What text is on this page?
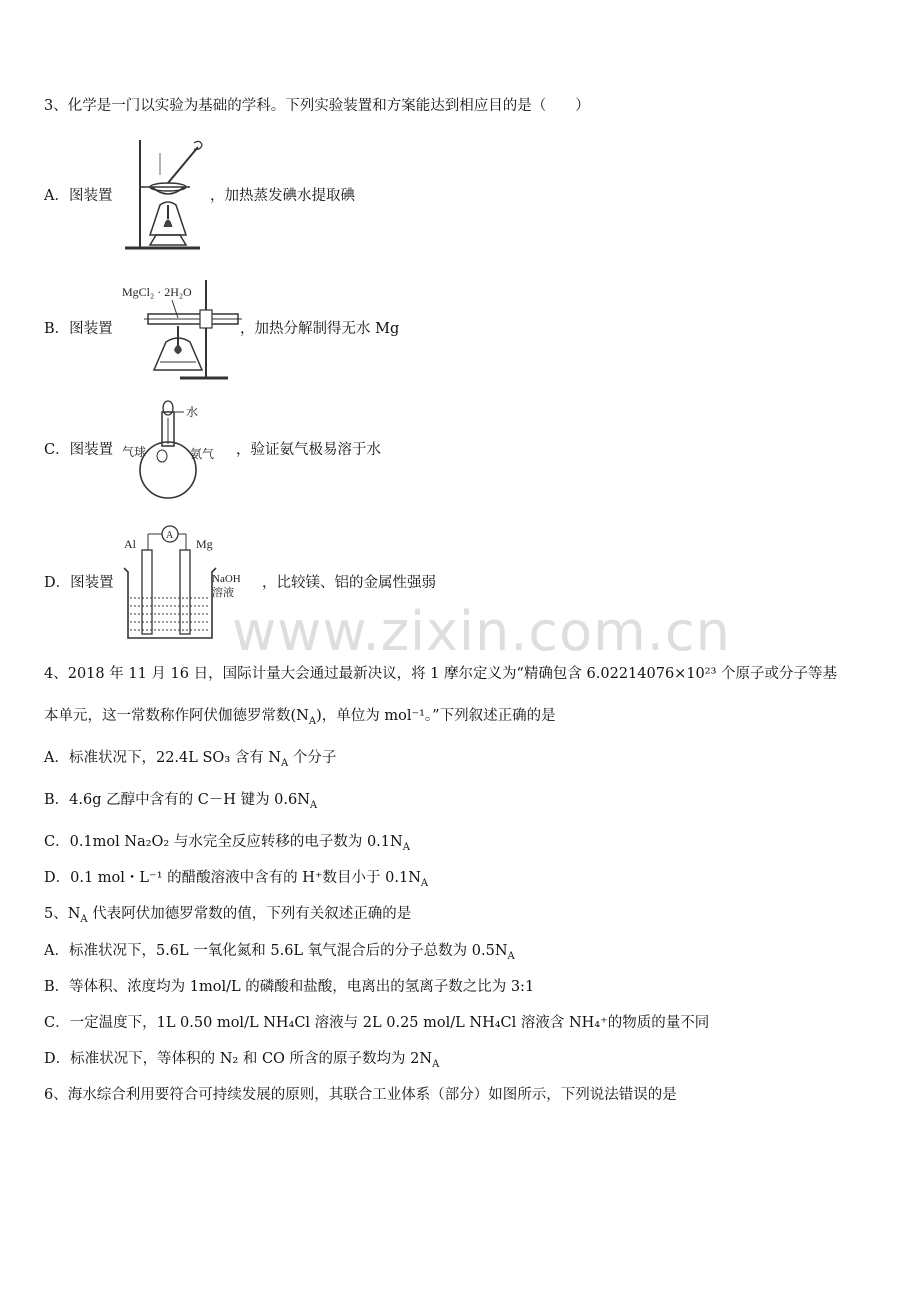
3、化学是一门以实验为基础的学科。下列实验装置和方案能达到相应目的是（　　）
A．图装置	，加热蒸发碘水提取碘
B．图装置
MgCl₂ · 2H₂O
，加热分解制得无水 Mg
C．图装置
水
气球	氨气 ，验证氨气极易溶于水
D．图装置
A
Al	Mg
NaOH
溶液
，比较镁、铝的金属性强弱
www.zixin.com.cn
4、2018 年 11 月 16 日，国际计量大会通过最新决议，将 1 摩尔定义为“精确包含 6.02214076×10²³ 个原子或分子等基
本单元，这一常数称作阿伏伽德罗常数$(N_A)$，单位为 mol⁻¹。”下列叙述正确的是
A．标准状况下，22.4L SO₃ 含有 $N_A$ 个分子
B．4.6g 乙醇中含有的 C－H 键为 $0.6N_A$
C．0.1mol Na₂O₂ 与水完全反应转移的电子数为 $0.1N_A$
D．0.1 mol・L⁻¹ 的醋酸溶液中含有的 H⁺数目小于 $0.1N_A$
5、$N_A$ 代表阿伏加德罗常数的值，下列有关叙述正确的是
A．标准状况下，5.6L 一氧化氮和 5.6L 氧气混合后的分子总数为 $0.5N_A$
B．等体积、浓度均为 1mol/L 的磷酸和盐酸，电离出的氢离子数之比为 3:1
C．一定温度下，1L 0.50 mol/L NH₄Cl 溶液与 2L 0.25 mol/L NH₄Cl 溶液含 NH₄⁺的物质的量不同
D．标准状况下，等体积的 N₂ 和 CO 所含的原子数均为 $2N_A$
6、海水综合利用要符合可持续发展的原则，其联合工业体系（部分）如图所示，下列说法错误的是
